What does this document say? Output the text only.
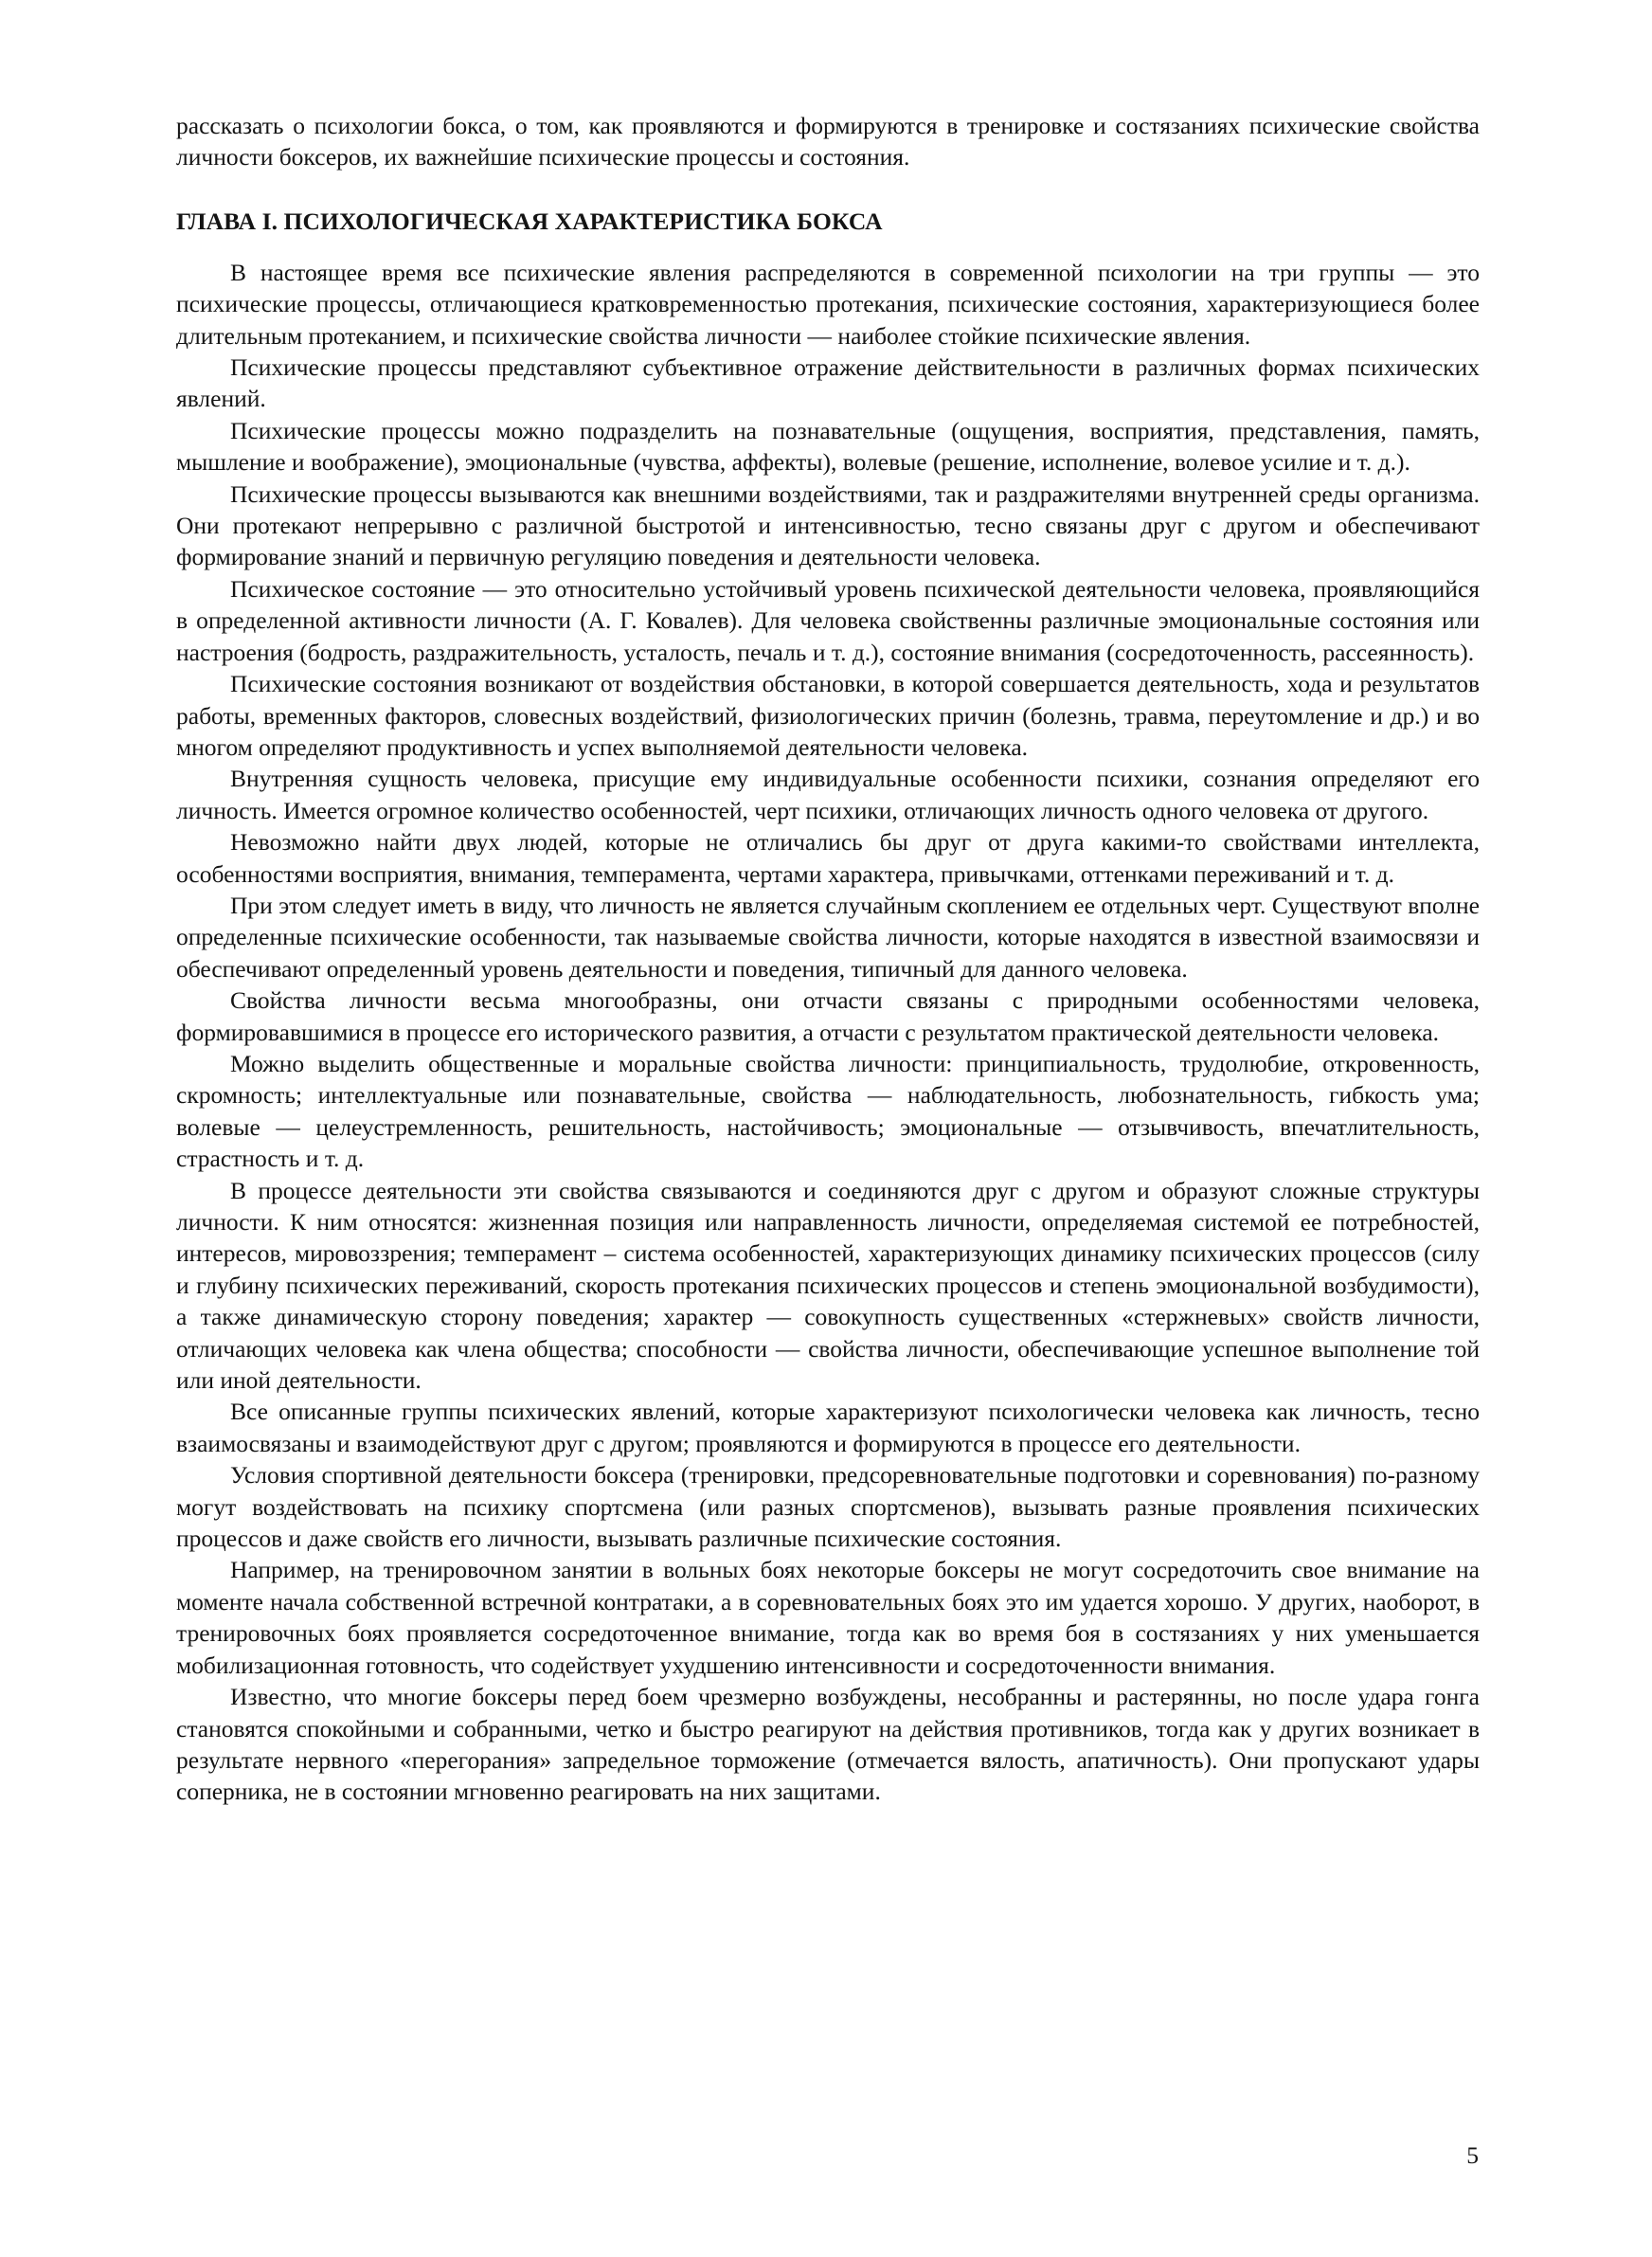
рассказать о психологии бокса, о том, как проявляются и формируются в тренировке и состязаниях психические свойства личности боксеров, их важнейшие психические процессы и состояния.

ГЛАВА I. ПСИХОЛОГИЧЕСКАЯ ХАРАКТЕРИСТИКА БОКСА

В настоящее время все психические явления распределяются в современной психологии на три группы — это психические процессы, отличающиеся кратковременностью протекания, психические состояния, характеризующиеся более длительным протеканием, и психические свойства личности — наиболее стойкие психические явления.

Психические процессы представляют субъективное отражение действительности в различных формах психических явлений.

Психические процессы можно подразделить на познавательные (ощущения, восприятия, представления, память, мышление и воображение), эмоциональные (чувства, аффекты), волевые (решение, исполнение, волевое усилие и т. д.).

Психические процессы вызываются как внешними воздействиями, так и раздражителями внутренней среды организма. Они протекают непрерывно с различной быстротой и интенсивностью, тесно связаны друг с другом и обеспечивают формирование знаний и первичную регуляцию поведения и деятельности человека.

Психическое состояние — это относительно устойчивый уровень психической деятельности человека, проявляющийся в определенной активности личности (А. Г. Ковалев). Для человека свойственны различные эмоциональные состояния или настроения (бодрость, раздражительность, усталость, печаль и т. д.), состояние внимания (сосредоточенность, рассеянность).

Психические состояния возникают от воздействия обстановки, в которой совершается деятельность, хода и результатов работы, временных факторов, словесных воздействий, физиологических причин (болезнь, травма, переутомление и др.) и во многом определяют продуктивность и успех выполняемой деятельности человека.

Внутренняя сущность человека, присущие ему индивидуальные особенности психики, сознания определяют его личность. Имеется огромное количество особенностей, черт психики, отличающих личность одного человека от другого.

Невозможно найти двух людей, которые не отличались бы друг от друга какими-то свойствами интеллекта, особенностями восприятия, внимания, темперамента, чертами характера, привычками, оттенками переживаний и т. д.

При этом следует иметь в виду, что личность не является случайным скоплением ее отдельных черт. Существуют вполне определенные психические особенности, так называемые свойства личности, которые находятся в известной взаимосвязи и обеспечивают определенный уровень деятельности и поведения, типичный для данного человека.

Свойства личности весьма многообразны, они отчасти связаны с природными особенностями человека, формировавшимися в процессе его исторического развития, а отчасти с результатом практической деятельности человека.

Можно выделить общественные и моральные свойства личности: принципиальность, трудолюбие, откровенность, скромность; интеллектуальные или познавательные, свойства — наблюдательность, любознательность, гибкость ума; волевые — целеустремленность, решительность, настойчивость; эмоциональные — отзывчивость, впечатлительность, страстность и т. д.

В процессе деятельности эти свойства связываются и соединяются друг с другом и образуют сложные структуры личности. К ним относятся: жизненная позиция или направленность личности, определяемая системой ее потребностей, интересов, мировоззрения; темперамент – система особенностей, характеризующих динамику психических процессов (силу и глубину психических переживаний, скорость протекания психических процессов и степень эмоциональной возбудимости), а также динамическую сторону поведения; характер — совокупность существенных «стержневых» свойств личности, отличающих человека как члена общества; способности — свойства личности, обеспечивающие успешное выполнение той или иной деятельности.

Все описанные группы психических явлений, которые характеризуют психологически человека как личность, тесно взаимосвязаны и взаимодействуют друг с другом; проявляются и формируются в процессе его деятельности.

Условия спортивной деятельности боксера (тренировки, предсоревновательные подготовки и соревнования) по-разному могут воздействовать на психику спортсмена (или разных спортсменов), вызывать разные проявления психических процессов и даже свойств его личности, вызывать различные психические состояния.

Например, на тренировочном занятии в вольных боях некоторые боксеры не могут сосредоточить свое внимание на моменте начала собственной встречной контратаки, а в соревновательных боях это им удается хорошо. У других, наоборот, в тренировочных боях проявляется сосредоточенное внимание, тогда как во время боя в состязаниях у них уменьшается мобилизационная готовность, что содействует ухудшению интенсивности и сосредоточенности внимания.

Известно, что многие боксеры перед боем чрезмерно возбуждены, несобранны и растерянны, но после удара гонга становятся спокойными и собранными, четко и быстро реагируют на действия противников, тогда как у других возникает в результате нервного «перегорания» запредельное торможение (отмечается вялость, апатичность). Они пропускают удары соперника, не в состоянии мгновенно реагировать на них защитами.

5
